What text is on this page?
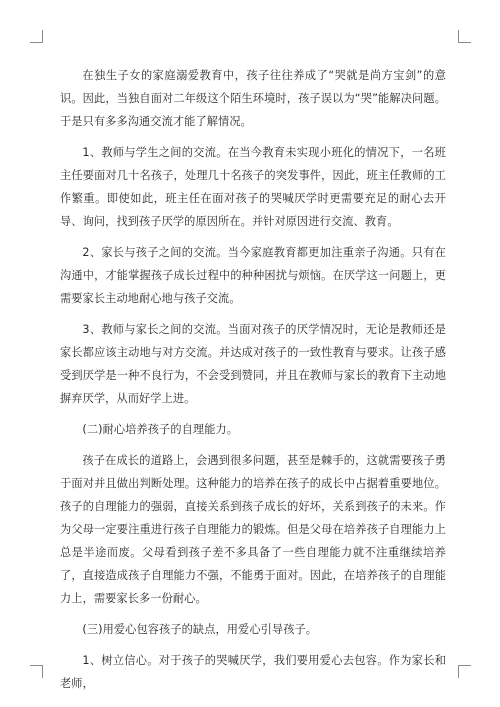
在独生子女的家庭溺爱教育中，孩子往往养成了“哭就是尚方宝剑”的意识。因此，当独自面对二年级这个陌生环境时，孩子误以为“哭”能解决问题。于是只有多多沟通交流才能了解情况。

1、教师与学生之间的交流。在当今教育未实现小班化的情况下，一名班主任要面对几十名孩子，处理几十名孩子的突发事件，因此，班主任教师的工作繁重。即使如此，班主任在面对孩子的哭喊厌学时更需要充足的耐心去开导、询问，找到孩子厌学的原因所在。并针对原因进行交流、教育。

2、家长与孩子之间的交流。当今家庭教育都更加注重亲子沟通。只有在沟通中，才能掌握孩子成长过程中的种种困扰与烦恼。在厌学这一问题上，更需要家长主动地耐心地与孩子交流。

3、教师与家长之间的交流。当面对孩子的厌学情况时，无论是教师还是家长都应该主动地与对方交流。并达成对孩子的一致性教育与要求。让孩子感受到厌学是一种不良行为，不会受到赞同，并且在教师与家长的教育下主动地摒弃厌学，从而好学上进。

(二)耐心培养孩子的自理能力。

孩子在成长的道路上，会遇到很多问题，甚至是棘手的，这就需要孩子勇于面对并且做出判断处理。这种能力的培养在孩子的成长中占据着重要地位。孩子的自理能力的强弱，直接关系到孩子成长的好坏，关系到孩子的未来。作为父母一定要注重进行孩子自理能力的锻炼。但是父母在培养孩子自理能力上总是半途而废。父母看到孩子差不多具备了一些自理能力就不注重继续培养了，直接造成孩子自理能力不强，不能勇于面对。因此，在培养孩子的自理能力上，需要家长多一份耐心。

(三)用爱心包容孩子的缺点，用爱心引导孩子。

1、树立信心。对于孩子的哭喊厌学，我们要用爱心去包容。作为家长和老师，
